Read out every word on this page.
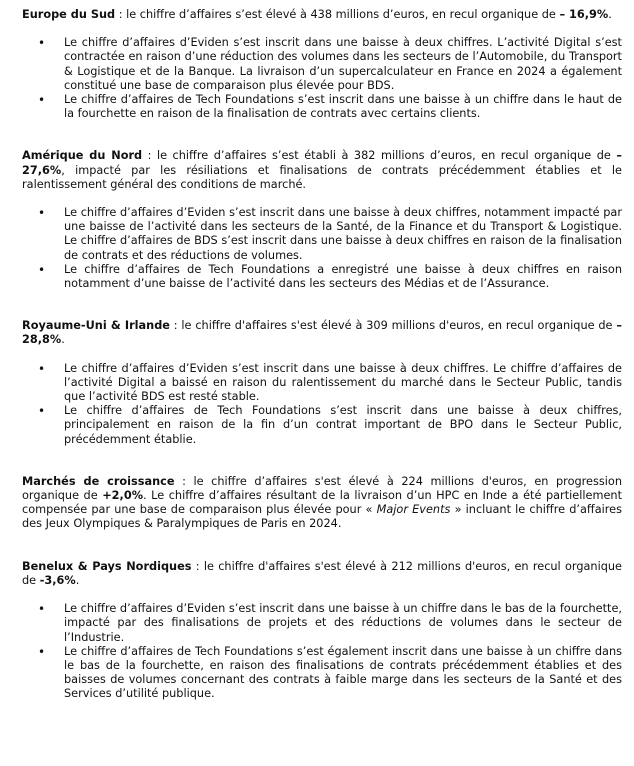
Europe du Sud : le chiffre d’affaires s’est élevé à 438 millions d’euros, en recul organique de – 16,9%.

• Le chiffre d’affaires d’Eviden s’est inscrit dans une baisse à deux chiffres. L’activité Digital s’est contractée en raison d’une réduction des volumes dans les secteurs de l’Automobile, du Transport & Logistique et de la Banque. La livraison d’un supercalculateur en France en 2024 a également constitué une base de comparaison plus élevée pour BDS.
• Le chiffre d’affaires de Tech Foundations s’est inscrit dans une baisse à un chiffre dans le haut de la fourchette en raison de la finalisation de contrats avec certains clients.

Amérique du Nord : le chiffre d’affaires s’est établi à 382 millions d’euros, en recul organique de –27,6%, impacté par les résiliations et finalisations de contrats précédemment établies et le ralentissement général des conditions de marché.

• Le chiffre d’affaires d’Eviden s’est inscrit dans une baisse à deux chiffres, notamment impacté par une baisse de l’activité dans les secteurs de la Santé, de la Finance et du Transport & Logistique. Le chiffre d’affaires de BDS s’est inscrit dans une baisse à deux chiffres en raison de la finalisation de contrats et des réductions de volumes.
• Le chiffre d’affaires de Tech Foundations a enregistré une baisse à deux chiffres en raison notamment d’une baisse de l’activité dans les secteurs des Médias et de l’Assurance.

Royaume-Uni & Irlande : le chiffre d'affaires s'est élevé à 309 millions d'euros, en recul organique de –28,8%.

• Le chiffre d’affaires d’Eviden s’est inscrit dans une baisse à deux chiffres. Le chiffre d’affaires de l’activité Digital a baissé en raison du ralentissement du marché dans le Secteur Public, tandis que l’activité BDS est resté stable.
• Le chiffre d’affaires de Tech Foundations s’est inscrit dans une baisse à deux chiffres, principalement en raison de la fin d’un contrat important de BPO dans le Secteur Public, précédemment établie.

Marchés de croissance : le chiffre d’affaires s'est élevé à 224 millions d'euros, en progression organique de +2,0%. Le chiffre d’affaires résultant de la livraison d’un HPC en Inde a été partiellement compensée par une base de comparaison plus élevée pour « Major Events » incluant le chiffre d’affaires des Jeux Olympiques & Paralympiques de Paris en 2024.

Benelux & Pays Nordiques : le chiffre d'affaires s'est élevé à 212 millions d'euros, en recul organique de -3,6%.

• Le chiffre d’affaires d’Eviden s’est inscrit dans une baisse à un chiffre dans le bas de la fourchette, impacté par des finalisations de projets et des réductions de volumes dans le secteur de l’Industrie.
• Le chiffre d’affaires de Tech Foundations s’est également inscrit dans une baisse à un chiffre dans le bas de la fourchette, en raison des finalisations de contrats précédemment établies et des baisses de volumes concernant des contrats à faible marge dans les secteurs de la Santé et des Services d’utilité publique.
